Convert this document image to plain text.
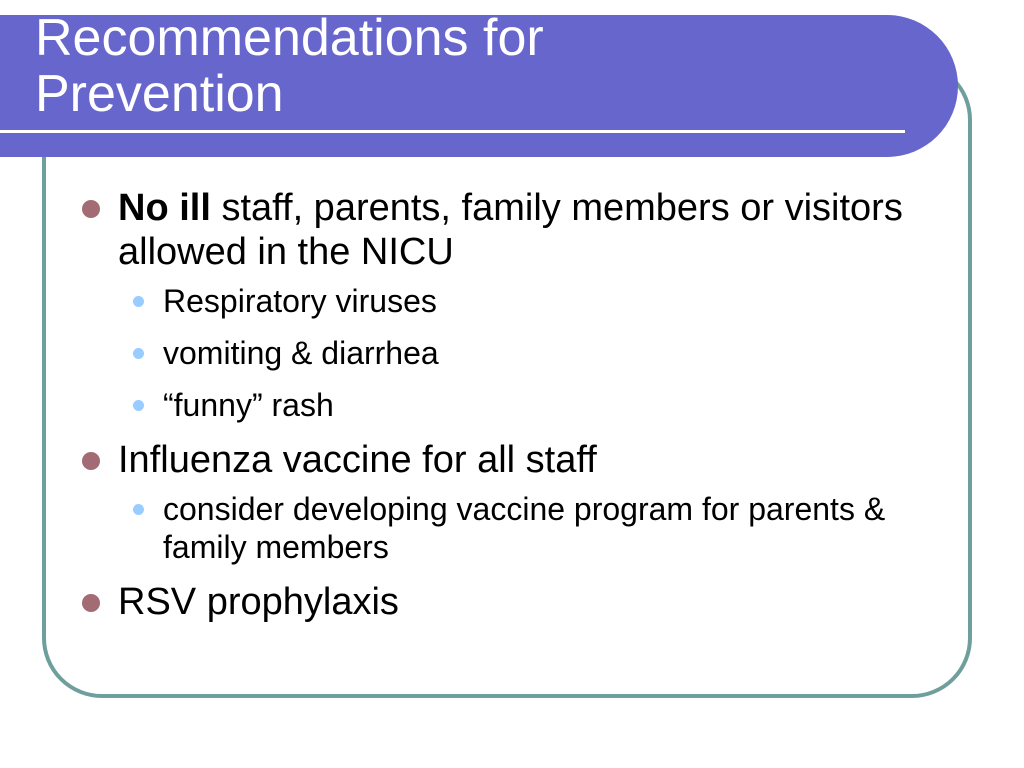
Recommendations for
Prevention
No ill staff, parents, family members or visitors allowed in the NICU
Respiratory viruses
vomiting & diarrhea
“funny” rash
Influenza vaccine for all staff
consider developing vaccine program for parents & family members
RSV prophylaxis
